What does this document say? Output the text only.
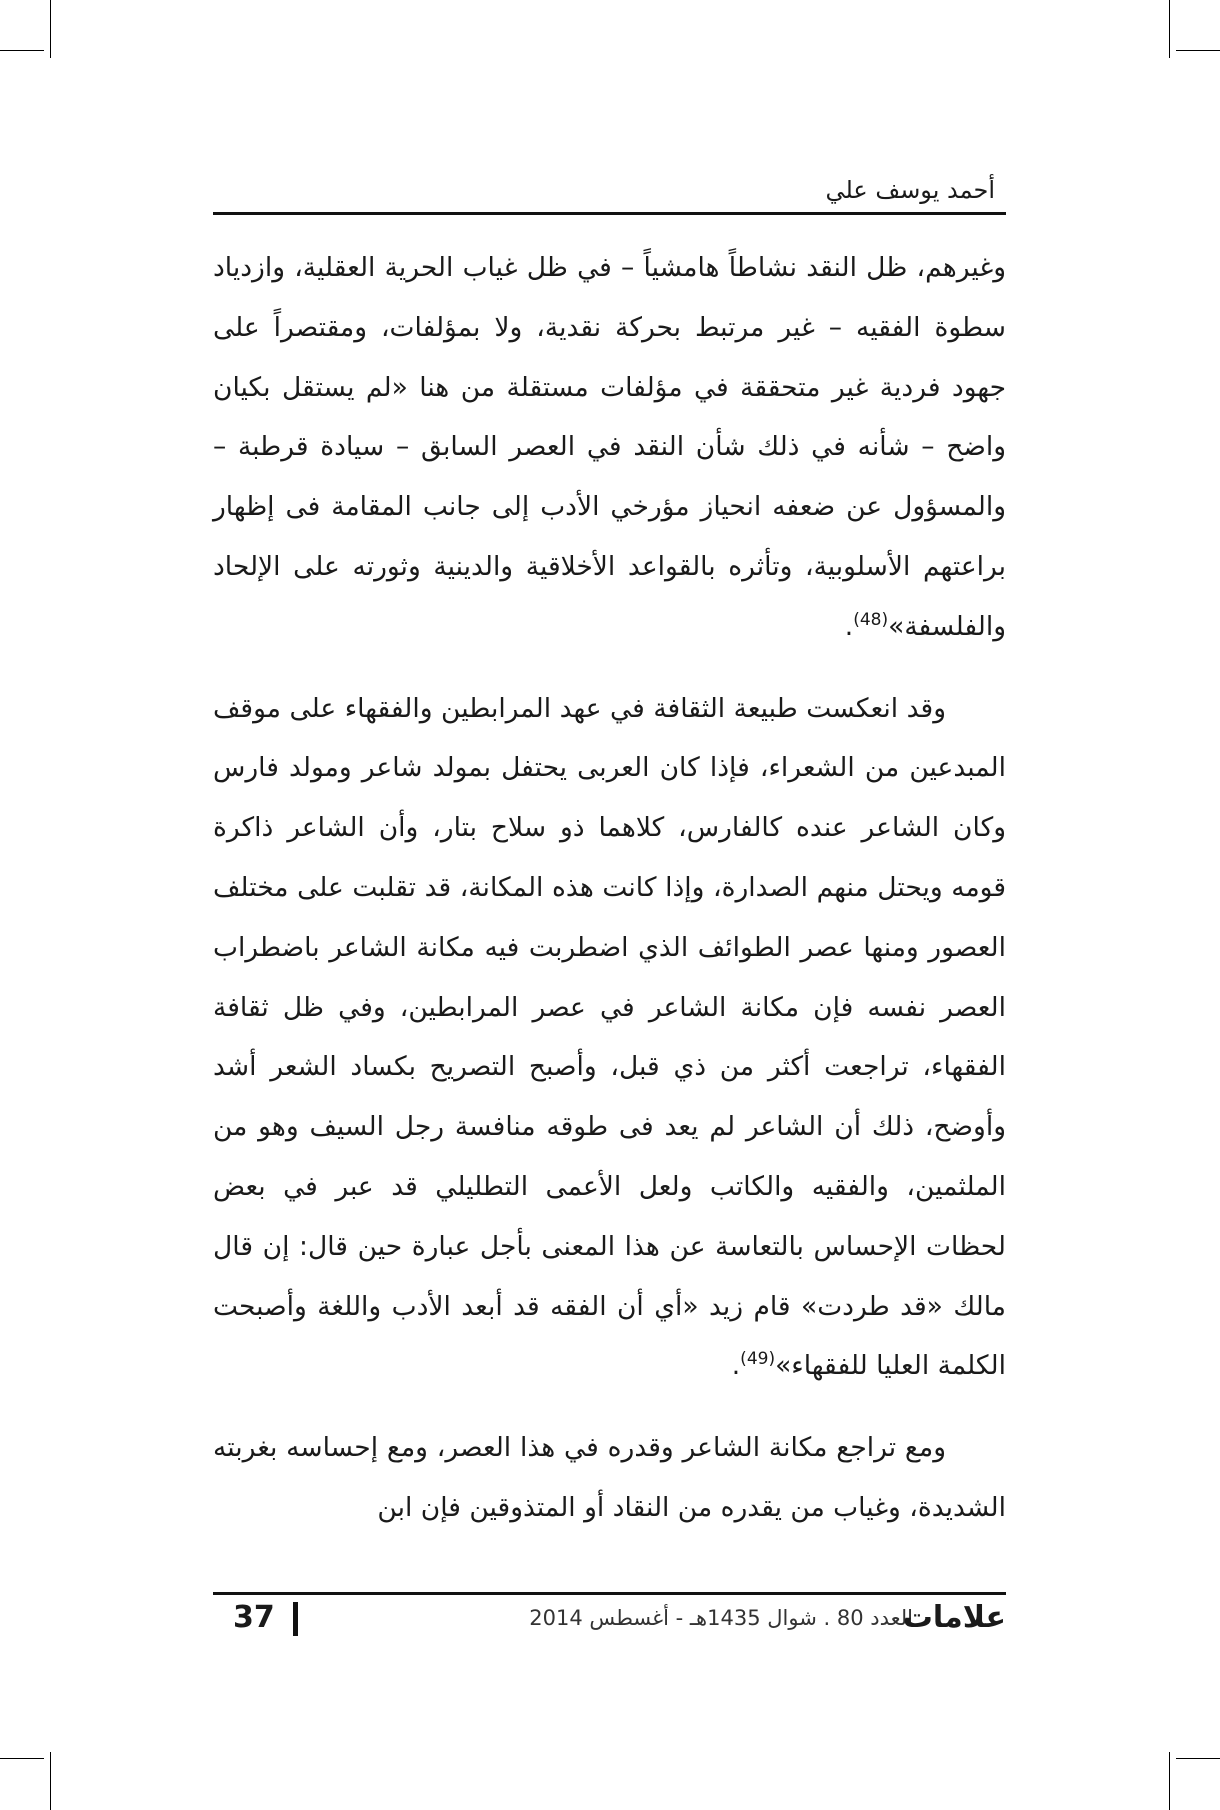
أحمد يوسف علي

وغيرهم، ظل النقد نشاطاً هامشياً – في ظل غياب الحرية العقلية، وازدياد سطوة الفقيه – غير مرتبط بحركة نقدية، ولا بمؤلفات، ومقتصراً على جهود فردية غير متحققة في مؤلفات مستقلة من هنا «لم يستقل بكيان واضح – شأنه في ذلك شأن النقد في العصر السابق – سيادة قرطبة – والمسؤول عن ضعفه انحياز مؤرخي الأدب إلى جانب المقامة فى إظهار براعتهم الأسلوبية، وتأثره بالقواعد الأخلاقية والدينية وثورته على الإلحاد والفلسفة»$^{(48)}$.

وقد انعكست طبيعة الثقافة في عهد المرابطين والفقهاء على موقف المبدعين من الشعراء، فإذا كان العربى يحتفل بمولد شاعر ومولد فارس وكان الشاعر عنده كالفارس، كلاهما ذو سلاح بتار، وأن الشاعر ذاكرة قومه ويحتل منهم الصدارة، وإذا كانت هذه المكانة، قد تقلبت على مختلف العصور ومنها عصر الطوائف الذي اضطربت فيه مكانة الشاعر باضطراب العصر نفسه فإن مكانة الشاعر في عصر المرابطين، وفي ظل ثقافة الفقهاء، تراجعت أكثر من ذي قبل، وأصبح التصريح بكساد الشعر أشد وأوضح، ذلك أن الشاعر لم يعد فى طوقه منافسة رجل السيف وهو من الملثمين، والفقيه والكاتب ولعل الأعمى التطليلي قد عبر في بعض لحظات الإحساس بالتعاسة عن هذا المعنى بأجل عبارة حين قال: إن قال مالك «قد طردت» قام زيد «أي أن الفقه قد أبعد الأدب واللغة وأصبحت الكلمة العليا للفقهاء»$^{(49)}$.

ومع تراجع مكانة الشاعر وقدره في هذا العصر، ومع إحساسه بغربته الشديدة، وغياب من يقدره من النقاد أو المتذوقين فإن ابن

37	العدد 80 . شوال 1435هـ - أغسطس 2014
علامات
